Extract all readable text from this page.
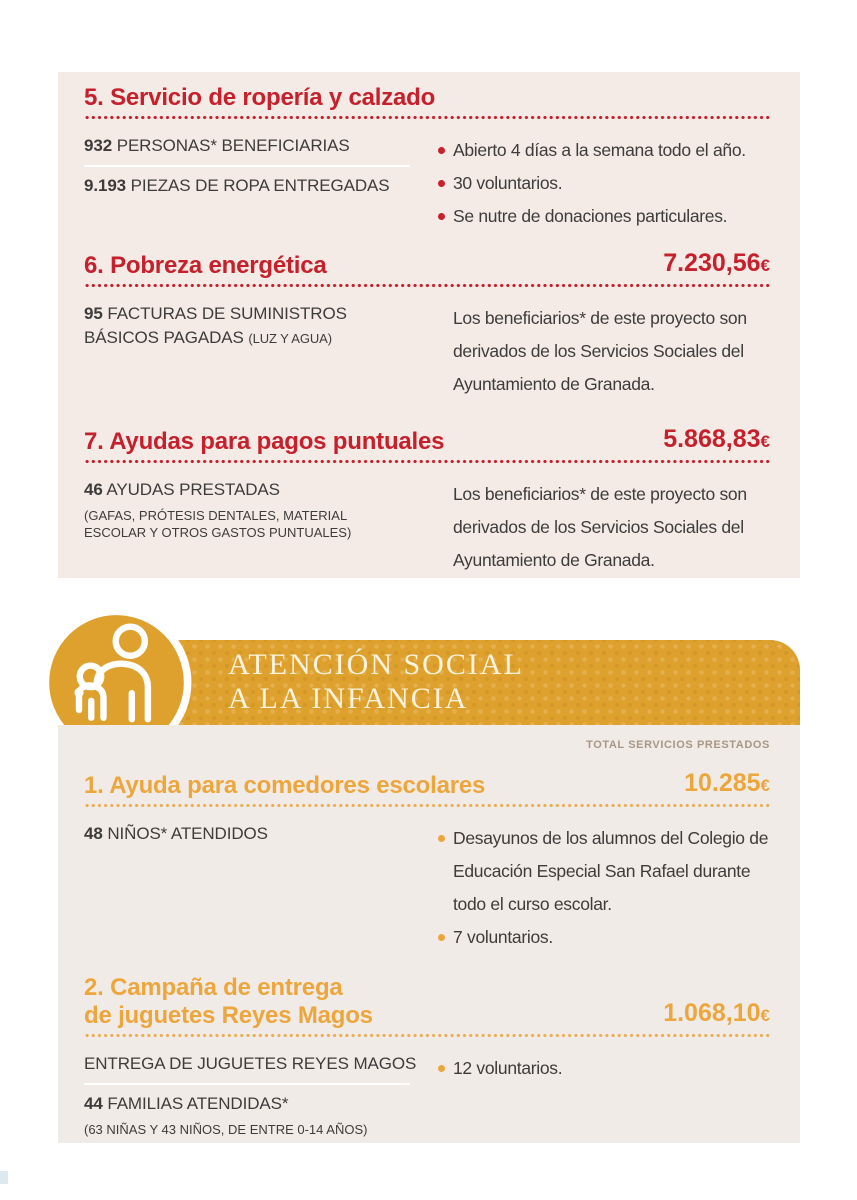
5. Servicio de ropería y calzado
932 PERSONAS* BENEFICIARIAS
9.193 PIEZAS DE ROPA ENTREGADAS
Abierto 4 días a la semana todo el año.
30 voluntarios.
Se nutre de donaciones particulares.
6. Pobreza energética	7.230,56€
95 FACTURAS DE SUMINISTROS BÁSICOS PAGADAS (LUZ Y AGUA)
Los beneficiarios* de este proyecto son derivados de los Servicios Sociales del Ayuntamiento de Granada.
7. Ayudas para pagos puntuales	5.868,83€
46 AYUDAS PRESTADAS
(GAFAS, PRÓTESIS DENTALES, MATERIAL ESCOLAR Y OTROS GASTOS PUNTUALES)
Los beneficiarios* de este proyecto son derivados de los Servicios Sociales del Ayuntamiento de Granada.
ATENCIÓN SOCIAL
A LA INFANCIA
TOTAL SERVICIOS PRESTADOS
1. Ayuda para comedores escolares	10.285€
48 NIÑOS* ATENDIDOS	Desayunos de los alumnos del Colegio de Educación Especial San Rafael durante todo el curso escolar.
7 voluntarios.
2. Campaña de entrega
de juguetes Reyes Magos	1.068,10€
ENTREGA DE JUGUETES REYES MAGOS
44 FAMILIAS ATENDIDAS*
(63 NIÑAS Y 43 NIÑOS, DE ENTRE 0-14 AÑOS)
12 voluntarios.
